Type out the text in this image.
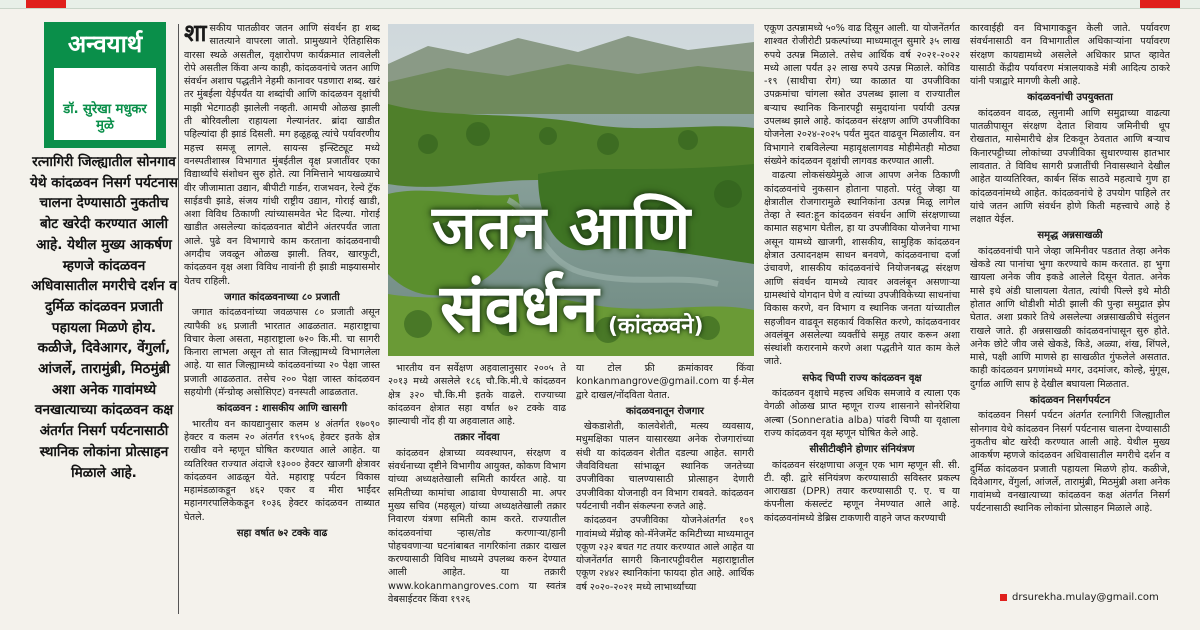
अन्वयार्थ
डॉ. सुरेखा मधुकर मुळे
रत्नागिरी जिल्ह्यातील सोनगाव येथे कांदळवन निसर्ग पर्यटनास चालना देण्यासाठी नुकतीच बोट खरेदी करण्यात आली आहे. येथील मुख्य आकर्षण म्हणजे कांदळवन अधिवासातील मगरीचे दर्शन व दुर्मिळ कांदळवन प्रजाती पहायला मिळणे होय. कळीजे, दिवेआगर, वेंगुर्ला, आंजर्ले, तारामुंब्री, मिठमुंब्री अशा अनेक गावांमध्ये वनखात्याच्या कांदळवन कक्ष अंतर्गत निसर्ग पर्यटनासाठी स्थानिक लोकांना प्रोत्साहन मिळाले आहे.

शासकीय पातळीवर जतन आणि संवर्धन हा शब्द सातत्याने वापरला जातो. प्रामुख्याने ऐतिहासिक वारसा स्थळे असतील, वृक्षारोपण कार्यक्रमात लावलेली रोपे असतील किंवा अन्य काही, कांदळवनांचे जतन आणि संवर्धन अशाच पद्धतीने नेहमी कानावर पडणारा शब्द. खरं तर मुंबईला येईपर्यंत या शब्दांची आणि कांदळवन वृक्षांची माझी भेटगाठही झालेली नव्हती. आमची ओळख झाली ती बोरिवलीला राहायला गेल्यानंतर. ब्रांदा खाडीत पहिल्यांदा ही झाडं दिसली. मग हळूहळू त्यांचे पर्यावरणीय महत्त्व समजू लागले. सायन्स इन्स्टिट्यूट मध्ये वनस्पतीशास्त्र विभागात मुंबईतील वृक्ष प्रजातींवर एका विद्यार्थ्यांचे संशोधन सुरु होते. त्या निमित्ताने भायखळ्याचे वीर जीजामाता उद्यान, बीपीटी गार्डन, राजभवन, रेल्वे ट्रॅक साईडची झाडे, संजय गांधी राष्ट्रीय उद्यान, गोराई खाडी, अशा विविध ठिकाणी त्यांच्यासमवेत भेट दिल्या. गोराई खाडीत असलेल्या कांदळवनात बोटीने अंतरपर्यंत जाता आले. पुढे वन विभागाचे काम करताना कांदळवनाची अगदीच जवळून ओळख झाली. तिवर, खारफुटी, कांदळवन वृक्ष अशा विविध नावांनी ही झाडी माझ्यासमोर येतच राहिली.

जगात कांदळवनाच्या ८० प्रजाती

जगात कांदळवनांच्या जवळपास ८० प्रजाती असून त्यापैकी ४६ प्रजाती भारतात आढळतात. महाराष्ट्राचा विचार केला असता, महाराष्ट्राला ७२० कि.मी. चा सागरी किनारा लाभला असून तो सात जिल्ह्यामध्ये विभागलेला आहे. या सात जिल्ह्यामध्ये कांदळवनांच्या २० पेक्षा जास्त प्रजाती आढळतात. तसेच २०० पेक्षा जास्त कांदळवन सहयोगी (मॅन्ग्रोव्ह असोसिएट) वनस्पती आढळतात.

कांदळवन : शासकीय आणि खासगी

भारतीय वन कायद्यानुसार कलम ४ अंतर्गत १७०९० हेक्टर व कलम २० अंतर्गत १९५०६ हेक्टर इतके क्षेत्र राखीव वने म्हणून घोषित करण्यात आले आहेत. या व्यतिरिक्त राज्यात अंदाजे १३००० हेक्टर खाजगी क्षेत्रावर कांदळवन आढळून येते. महाराष्ट्र पर्यटन विकास महामंडळाकडून ४६२ एकर व मीरा भाईंदर महानगरपालिकेकडून १०३६ हेक्टर कांदळवन ताब्यात घेतले.

सहा वर्षात ७२ टक्के वाढ
जतन आणि
संवर्धन (कांदळवने)

भारतीय वन सर्वेक्षण अहवालानुसार २००५ ते २०१३ मध्ये असलेले १८६ चौ.कि.मी.चे कांदळवन क्षेत्र ३२० चौ.कि.मी इतके वाढले. राज्याच्या कांदळवन क्षेत्रात सहा वर्षात ७२ टक्के वाढ झाल्याची नोंद ही या अहवालात आहे.

तक्रार नोंदवा

कांदळवन क्षेत्राच्या व्यवस्थापन, संरक्षण व संवर्धनाच्या दृष्टीने विभागीय आयुक्त, कोकण विभाग यांच्या अध्यक्षतेखाली समिती कार्यरत आहे. या समितीच्या कामांचा आढावा घेण्यासाठी मा. अपर मुख्य सचिव (महसूल) यांच्या अध्यक्षतेखाली तक्रार निवारण यंत्रणा समिती काम करते. राज्यातील कांदळवनांचा ऱ्हास/तोड करणाऱ्या/हानी पोहचवणाऱ्या घटनांबाबत नागरिकांना तक्रार दाखल करण्यासाठी विविध माध्यमे उपलब्ध करुन देण्यात आली आहेत. या तक्रारी www.kokanmangroves.com या स्वतंत्र वेबसाईटवर किंवा १९२६

या टोल फ्री क्रमांकावर किंवा konkanmangrove@gmail.com या ई-मेल द्वारे दाखल/नोंदविता येतात.

कांदळवनातून रोजगार

खेकडाशेती, कालवेशेती, मत्स्य व्यवसाय, मधुमक्षिका पालन यासारख्या अनेक रोजगारांच्या संधी या कांदळवन शेतीत दडल्या आहेत. सागरी जैवविविधता सांभाळून स्थानिक जनतेच्या उपजीविका चालण्यासाठी प्रोत्साहन देणारी उपजीविका योजनाही वन विभाग राबवते. कांदळवन पर्यटनाची नवीन संकल्पना रुजते आहे.

कांदळवन उपजीविका योजनेअंतर्गत १०९ गावांमध्ये मॅग्रोव्ह को-मॅनेजमेंट कमिटीच्या माध्यमातून एकूण २३२ बचत गट तयार करण्यात आले आहेत या योजनेंतर्गत सागरी किनारपट्टीवरील महाराष्ट्रातील एकूण २४४२ स्थानिकांना फायदा होत आहे. आर्थिक वर्ष २०२०-२०२१ मध्ये लाभार्थ्यांच्या

एकूण उत्पन्नामध्ये ५०% वाढ दिसून आली. या योजनेंतर्गत शाश्वत रोजीरोटी प्रकल्पांच्या माध्यमातून सुमारे ३५ लाख रुपये उत्पन्न मिळाले. तसेच आर्थिक वर्ष २०२१-२०२२ मध्ये आला पर्यंत ३२ लाख रुपये उत्पन्न मिळाले. कोविड -१९ (साथीचा रोग) च्या काळात या उपजीविका उपक्रमांचा चांगला स्त्रोत उपलब्ध झाला व राज्यातील बऱ्याच स्थानिक किनारपट्टी समुदायांना पर्यायी उत्पन्न उपलब्ध झाले आहे. कांदळवन संरक्षण आणि उपजीविका योजनेला २०२४-२०२५ पर्यंत मुदत वाढवून मिळालीय. वन विभागाने राबविलेल्या महावृक्षलागवड मोहीमेतही मोठ्या संख्येने कांदळवन वृक्षांची लागवड करण्यात आली.

वाढत्या लोकसंख्येमुळे आज आपण अनेक ठिकाणी कांदळवनांचे नुकसान होताना पाहतो. परंतु जेव्हा या क्षेत्रातील रोजगारामुळे स्थानिकांना उत्पन्न मिळू लागेल तेव्हा ते स्वत:हून कांदळवन संवर्धन आणि संरक्षणाच्या कामात सहभाग घेतील, हा या उपजीविका योजनेचा गाभा असून यामध्ये खाजगी, शासकीय, सामुहिक कांदळवन क्षेत्रात उत्पादनक्षम साधन बनवणे, कांदळवनाचा दर्जा उंचावणे, शासकीय कांदळवनांचे नियोजनबद्ध संरक्षण आणि संवर्धन यामध्ये त्यावर अवलंबून असणाऱ्या ग्रामस्थांचे योगदान घेणे व त्यांच्या उपजीविकेच्या साधनांचा विकास करणे, वन विभाग व स्थानिक जनता यांच्यातील सहजीवन वाढवून सहकार्य विकसित करणे, कांदळवनावर अवलंबून असलेल्या व्यक्तींचे समूह तयार करून अशा संस्थांशी करारनामे करणे अशा पद्धतीने यात काम केले जाते.

सफेद चिप्पी राज्य कांदळवन वृक्ष

कांदळवन वृक्षाचे महत्त्व अधिक समजावे व त्याला एक वेगळी ओळख प्राप्त म्हणून राज्य शासनाने सोनरेशिया अल्बा (Sonneratia alba) पांढरी चिप्पी या वृक्षाला राज्य कांदळवन वृक्ष म्हणून घोषित केले आहे.

सीसीटीव्हीने होणार संनियंत्रण

कांदळवन संरक्षणाचा अजून एक भाग म्हणून सी. सी. टी. व्ही. द्वारे संनियंत्रण करण्यासाठी सविस्तर प्रकल्प आराखडा (DPR) तयार करण्यासाठी ए. ए. च या कंपनीला कंसल्टंट म्हणून नेमण्यात आले आहे. कांदळवनांमध्ये डेब्रिस टाकणारी वाहने जप्त करण्याची

कारवाईही वन विभागाकडून केली जाते. पर्यावरण संवर्धनासाठी वन विभागातील अधिकाऱ्यांना पर्यावरण संरक्षण कायद्यामध्ये असलेले अधिकार प्राप्त व्हावेत यासाठी केंद्रीय पर्यावरण मंत्रालयाकडे मंत्री आदित्य ठाकरे यांनी पत्राद्वारे मागणी केली आहे.

कांदळवनांची उपयुक्तता

कांदळवन वादळ, त्सुनामी आणि समुद्राच्या वाढत्या पातळीपासून संरक्षण देतात शिवाय जमिनीची धूप रोखतात, मासेमारीचे क्षेत्र टिकवून ठेवतात आणि बऱ्याच किनारपट्टीच्या लोकांच्या उपजीविका सुधारण्यास हातभार लावतात. ते विविध सागरी प्रजातींची निवासस्थाने देखील आहेत याव्यतिरिक्त, कार्बन सिंक साठवे महत्वाचे गुण हा कांदळवनांमध्ये आहेत. कांदळवनांचे हे उपयोग पाहिले तर यांचे जतन आणि संवर्धन होणे किती महत्त्वाचे आहे हे लक्षात येईल.

समृद्ध अन्नसाखळी

कांदळवनांची पाने जेव्हा जमिनीवर पडतात तेव्हा अनेक खेकडे त्या पानांचा भुगा करण्याचे काम करतात. हा भुगा खायला अनेक जीव इकडे आलेले दिसून येतात. अनेक मासे इथे अंडी घालायला येतात, त्यांची पिल्ले इथे मोठी होतात आणि थोडीशी मोठी झाली की पुन्हा समुद्रात झेप घेतात. अशा प्रकारे तिथे असलेल्या अन्नसाखळीचे संतुलन राखले जाते. ही अन्नसाखळी कांदळवनांपासून सुरु होते. अनेक छोटे जीव जसे खेकडे, किडे, अळ्या, शंख, शिंपले, मासे, पक्षी आणि माणसे हा साखळीत गुंफलेले असतात. काही कांदळवन प्रगणांमध्ये मगर, उदमांजर, कोल्हे, मुंगूस, दुर्गाळ आणि साप हे देखील बघायला मिळतात.

कांदळवन निसर्गपर्यटन

कांदळवन निसर्ग पर्यटन अंतर्गत रत्नागिरी जिल्ह्यातील सोनगाव येथे कांदळवन निसर्ग पर्यटनास चालना देण्यासाठी नुकतीच बोट खरेदी करण्यात आली आहे. येथील मुख्य आकर्षण म्हणजे कांदळवन अधिवासातील मगरीचे दर्शन व दुर्मिळ कांदळवन प्रजाती पहायला मिळणे होय. कळीजे, दिवेआगर, वेंगुर्ला, आंजर्ले, तारामुंब्री, मिठमुंब्री अशा अनेक गावांमध्ये वनखात्याच्या कांदळवन कक्ष अंतर्गत निसर्ग पर्यटनासाठी स्थानिक लोकांना प्रोत्साहन मिळाले आहे.

drsurekha.mulay@gmail.com
